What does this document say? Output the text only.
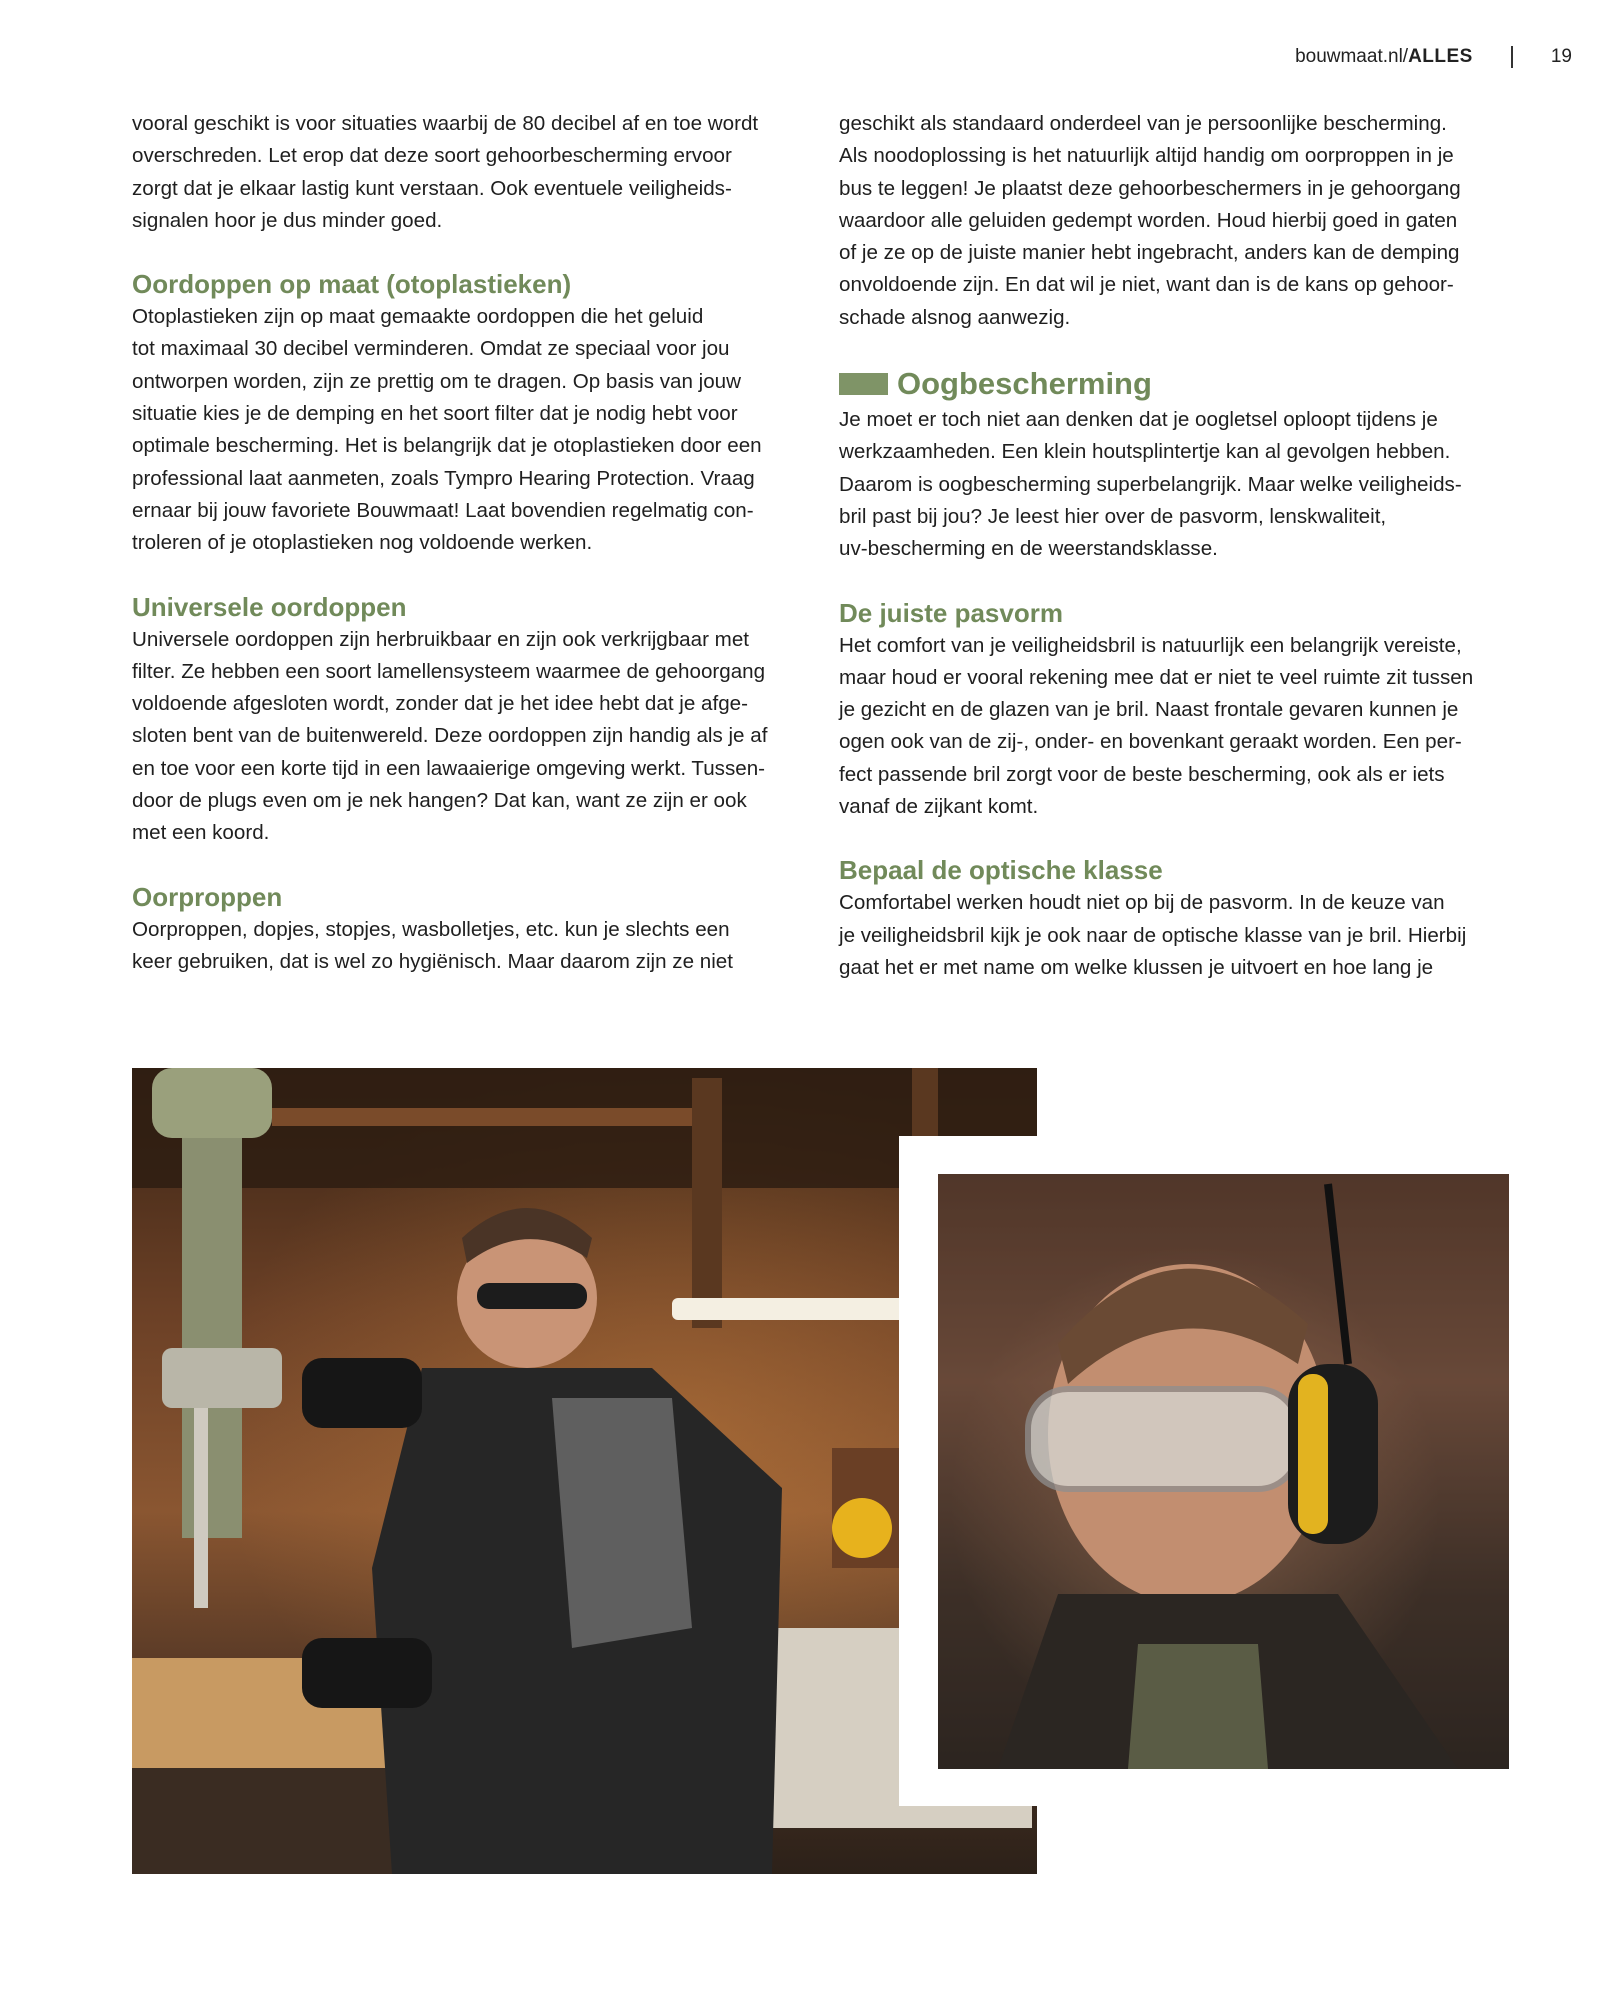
bouwmaat.nl/ALLES	19

vooral geschikt is voor situaties waarbij de 80 decibel af en toe wordt
overschreden. Let erop dat deze soort gehoorbescherming ervoor
zorgt dat je elkaar lastig kunt verstaan. Ook eventuele veiligheids-
signalen hoor je dus minder goed.

Oordoppen op maat (otoplastieken)

Otoplastieken zijn op maat gemaakte oordoppen die het geluid
tot maximaal 30 decibel verminderen. Omdat ze speciaal voor jou
ontworpen worden, zijn ze prettig om te dragen. Op basis van jouw
situatie kies je de demping en het soort filter dat je nodig hebt voor
optimale bescherming. Het is belangrijk dat je otoplastieken door een
professional laat aanmeten, zoals Tympro Hearing Protection. Vraag
ernaar bij jouw favoriete Bouwmaat! Laat bovendien regelmatig con-
troleren of je otoplastieken nog voldoende werken.

Universele oordoppen

Universele oordoppen zijn herbruikbaar en zijn ook verkrijgbaar met
filter. Ze hebben een soort lamellensysteem waarmee de gehoorgang
voldoende afgesloten wordt, zonder dat je het idee hebt dat je afge-
sloten bent van de buitenwereld. Deze oordoppen zijn handig als je af
en toe voor een korte tijd in een lawaaierige omgeving werkt. Tussen-
door de plugs even om je nek hangen? Dat kan, want ze zijn er ook
met een koord.

Oorproppen

Oorproppen, dopjes, stopjes, wasbolletjes, etc. kun je slechts een
keer gebruiken, dat is wel zo hygiënisch. Maar daarom zijn ze niet

geschikt als standaard onderdeel van je persoonlijke bescherming.
Als noodoplossing is het natuurlijk altijd handig om oorproppen in je
bus te leggen! Je plaatst deze gehoorbeschermers in je gehoorgang
waardoor alle geluiden gedempt worden. Houd hierbij goed in gaten
of je ze op de juiste manier hebt ingebracht, anders kan de demping
onvoldoende zijn. En dat wil je niet, want dan is de kans op gehoor-
schade alsnog aanwezig.

Oogbescherming

Je moet er toch niet aan denken dat je oogletsel oploopt tijdens je
werkzaamheden. Een klein houtsplintertje kan al gevolgen hebben.
Daarom is oogbescherming superbelangrijk. Maar welke veiligheids-
bril past bij jou? Je leest hier over de pasvorm, lenskwaliteit,
uv-bescherming en de weerstandsklasse.

De juiste pasvorm

Het comfort van je veiligheidsbril is natuurlijk een belangrijk vereiste,
maar houd er vooral rekening mee dat er niet te veel ruimte zit tussen
je gezicht en de glazen van je bril. Naast frontale gevaren kunnen je
ogen ook van de zij-, onder- en bovenkant geraakt worden. Een per-
fect passende bril zorgt voor de beste bescherming, ook als er iets
vanaf de zijkant komt.

Bepaal de optische klasse

Comfortabel werken houdt niet op bij de pasvorm. In de keuze van
je veiligheidsbril kijk je ook naar de optische klasse van je bril. Hierbij
gaat het er met name om welke klussen je uitvoert en hoe lang je
